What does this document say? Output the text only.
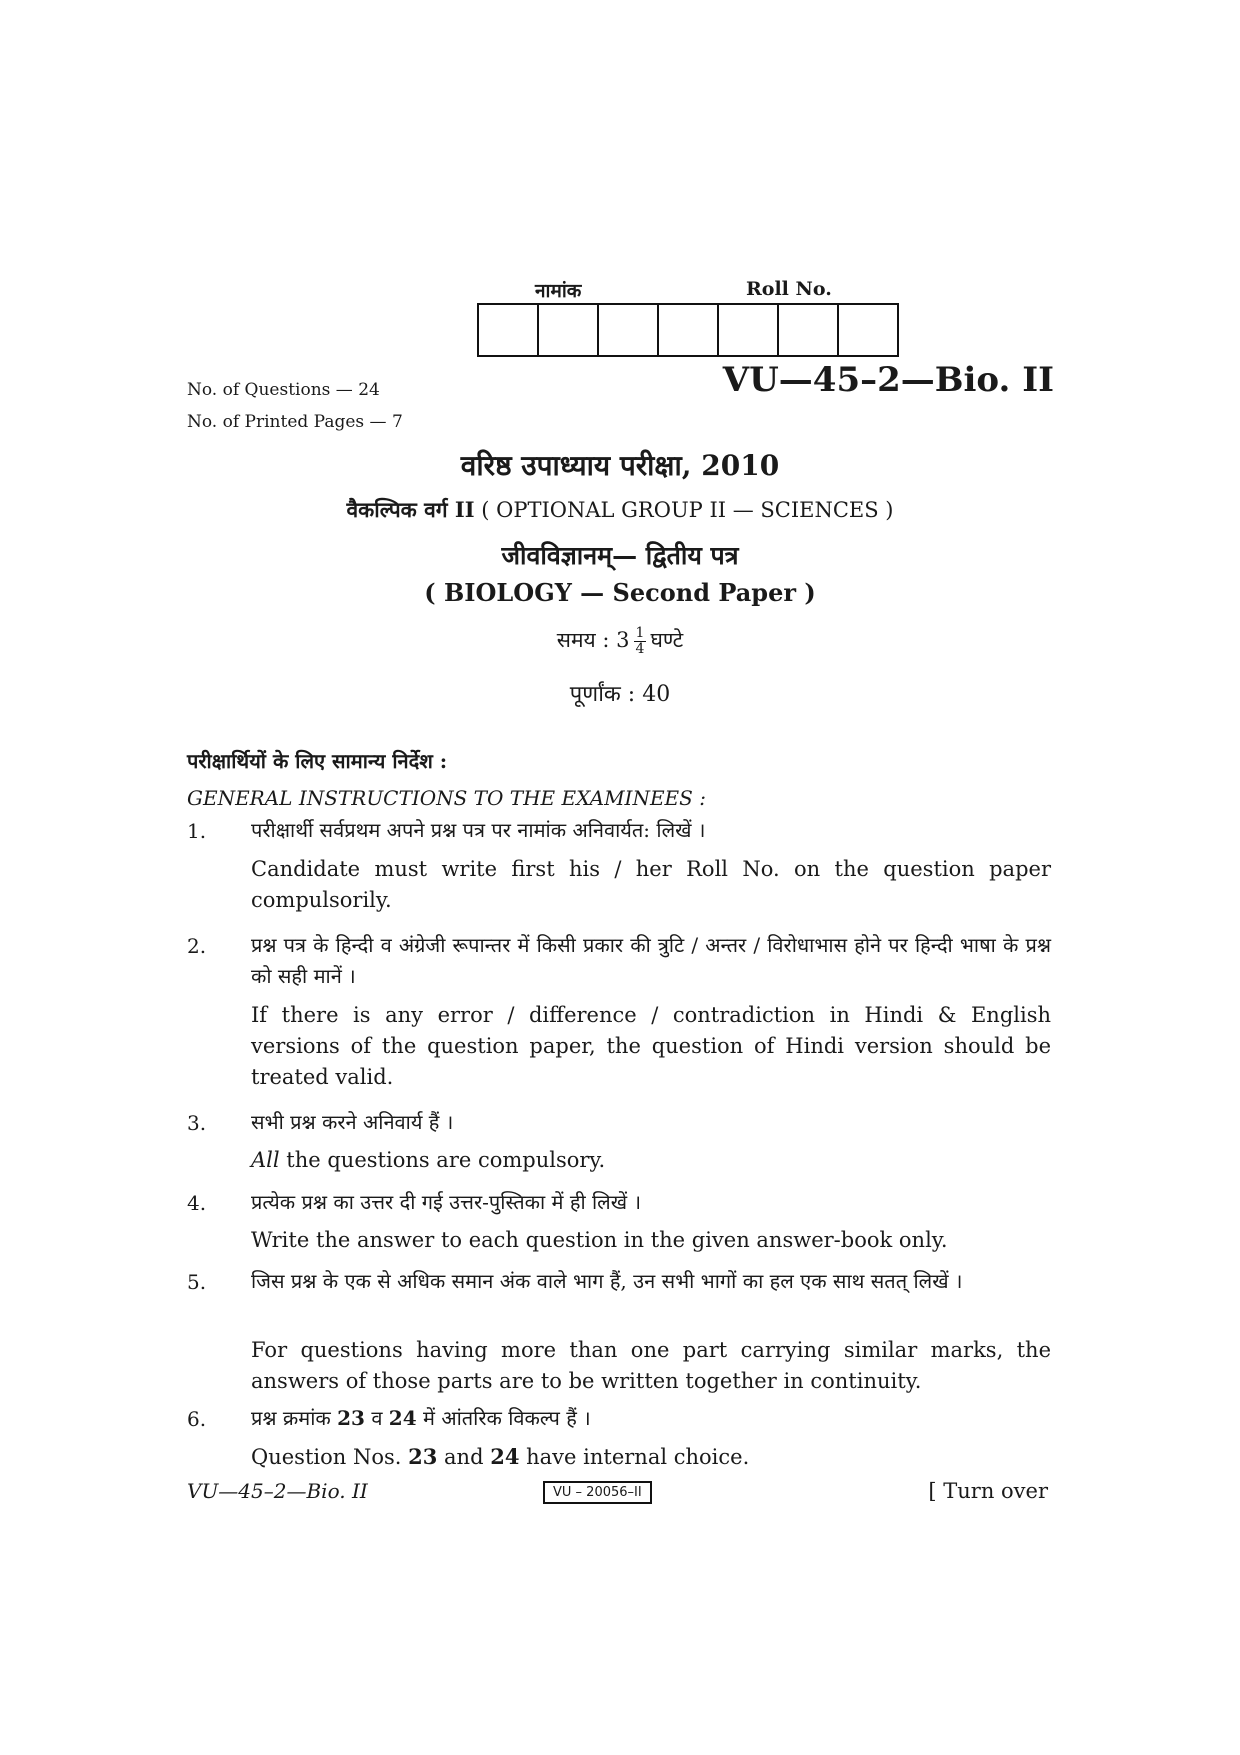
नामांक	Roll No.
No. of Questions — 24
No. of Printed Pages — 7
VU—45–2—Bio. II
वरिष्ठ उपाध्याय परीक्षा, 2010
वैकल्पिक वर्ग II ( OPTIONAL GROUP II — SCIENCES )
जीवविज्ञानम्— द्वितीय पत्र
( BIOLOGY — Second Paper )
समय : $3 \frac{1}{4}$ घण्टे
पूर्णांक : 40
परीक्षार्थियों के लिए सामान्य निर्देश :
GENERAL INSTRUCTIONS TO THE EXAMINEES :
1.	परीक्षार्थी सर्वप्रथम अपने प्रश्न पत्र पर नामांक अनिवार्यत: लिखें ।
Candidate must write first his / her Roll No. on the question paper compulsorily.
2.	प्रश्न पत्र के हिन्दी व अंग्रेजी रूपान्तर में किसी प्रकार की त्रुटि / अन्तर / विरोधाभास होने पर हिन्दी भाषा के प्रश्न को सही मानें ।
If there is any error / difference / contradiction in Hindi & English versions of the question paper, the question of Hindi version should be treated valid.
3.	सभी प्रश्न करने अनिवार्य हैं ।
All the questions are compulsory.
4.	प्रत्येक प्रश्न का उत्तर दी गई उत्तर-पुस्तिका में ही लिखें ।
Write the answer to each question in the given answer-book only.
5.	जिस प्रश्न के एक से अधिक समान अंक वाले भाग हैं, उन सभी भागों का हल एक साथ सतत् लिखें ।
For questions having more than one part carrying similar marks, the answers of those parts are to be written together in continuity.
6.	प्रश्न क्रमांक 23 व 24 में आंतरिक विकल्प हैं ।
Question Nos. 23 and 24 have internal choice.
VU—45–2—Bio. II	VU – 20056–II	[ Turn over
